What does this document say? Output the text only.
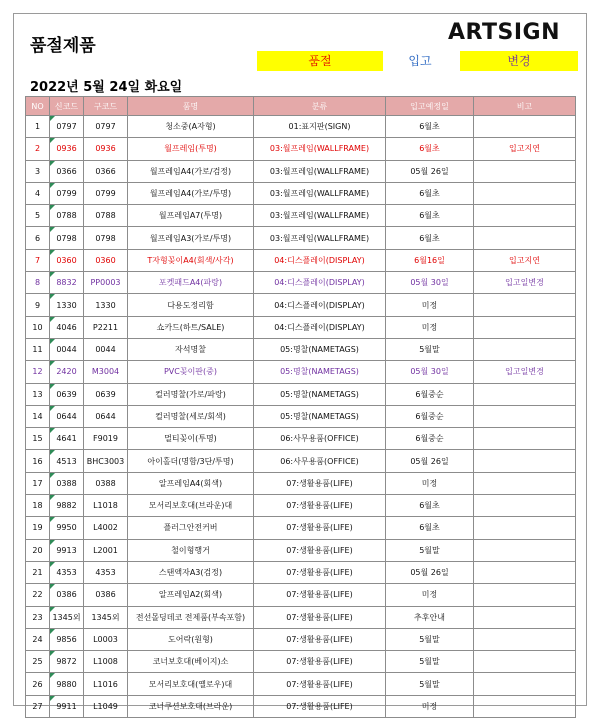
품절제품
ARTSIGN
품절	입고	변경
2022년 5월 24일 화요일
NO	신코드	구코드	품명	분류	입고예정일	비고
1	0797	0797	청소중(A자형)	01:표지판(SIGN)	6월초	
2	0936	0936	월프레임(투명)	03:월프레임(WALLFRAME)	6월초	입고지연
3	0366	0366	월프레임A4(가로/검정)	03:월프레임(WALLFRAME)	05월 26일	
4	0799	0799	월프레임A4(가로/투명)	03:월프레임(WALLFRAME)	6월초	
5	0788	0788	월프레임A7(투명)	03:월프레임(WALLFRAME)	6월초	
6	0798	0798	월프레임A3(가로/투명)	03:월프레임(WALLFRAME)	6월초	
7	0360	0360	T자형꽂이A4(회색/사각)	04:디스플레이(DISPLAY)	6월16일	입고지연
8	8832	PP0003	포켓패드A4(파랑)	04:디스플레이(DISPLAY)	05월 30일	입고일변경
9	1330	1330	다용도정리함	04:디스플레이(DISPLAY)	미정	
10	4046	P2211	쇼카드(하트/SALE)	04:디스플레이(DISPLAY)	미정	
11	0044	0044	자석명찰	05:명찰(NAMETAGS)	5월말	
12	2420	M3004	PVC꽂이판(중)	05:명찰(NAMETAGS)	05월 30일	입고일변경
13	0639	0639	컬러명찰(가로/파랑)	05:명찰(NAMETAGS)	6월중순	
14	0644	0644	컬러명찰(세로/회색)	05:명찰(NAMETAGS)	6월중순	
15	4641	F9019	멀티꽂이(투명)	06:사무용품(OFFICE)	6월중순	
16	4513	BHC3003	아이홀더(명함/3단/투명)	06:사무용품(OFFICE)	05월 26일	
17	0388	0388	알프레임A4(회색)	07:생활용품(LIFE)	미정	
18	9882	L1018	모서리보호대(브라운)대	07:생활용품(LIFE)	6월초	
19	9950	L4002	플러그안전커버	07:생활용품(LIFE)	6월초	
20	9913	L2001	철이형행거	07:생활용품(LIFE)	5월말	
21	4353	4353	스탠액자A3(검정)	07:생활용품(LIFE)	05월 26일	
22	0386	0386	알프레임A2(회색)	07:생활용품(LIFE)	미정	
23	1345외	1345외	전선몰딩데코 전제품(부속포함)	07:생활용품(LIFE)	추후안내	
24	9856	L0003	도어락(원형)	07:생활용품(LIFE)	5월말	
25	9872	L1008	코너보호대(베이지)소	07:생활용품(LIFE)	5월말	
26	9880	L1016	모서리보호대(옐로우)대	07:생활용품(LIFE)	5월말	
27	9911	L1049	코너쿠션보호대(브라운)	07:생활용품(LIFE)	미정	
